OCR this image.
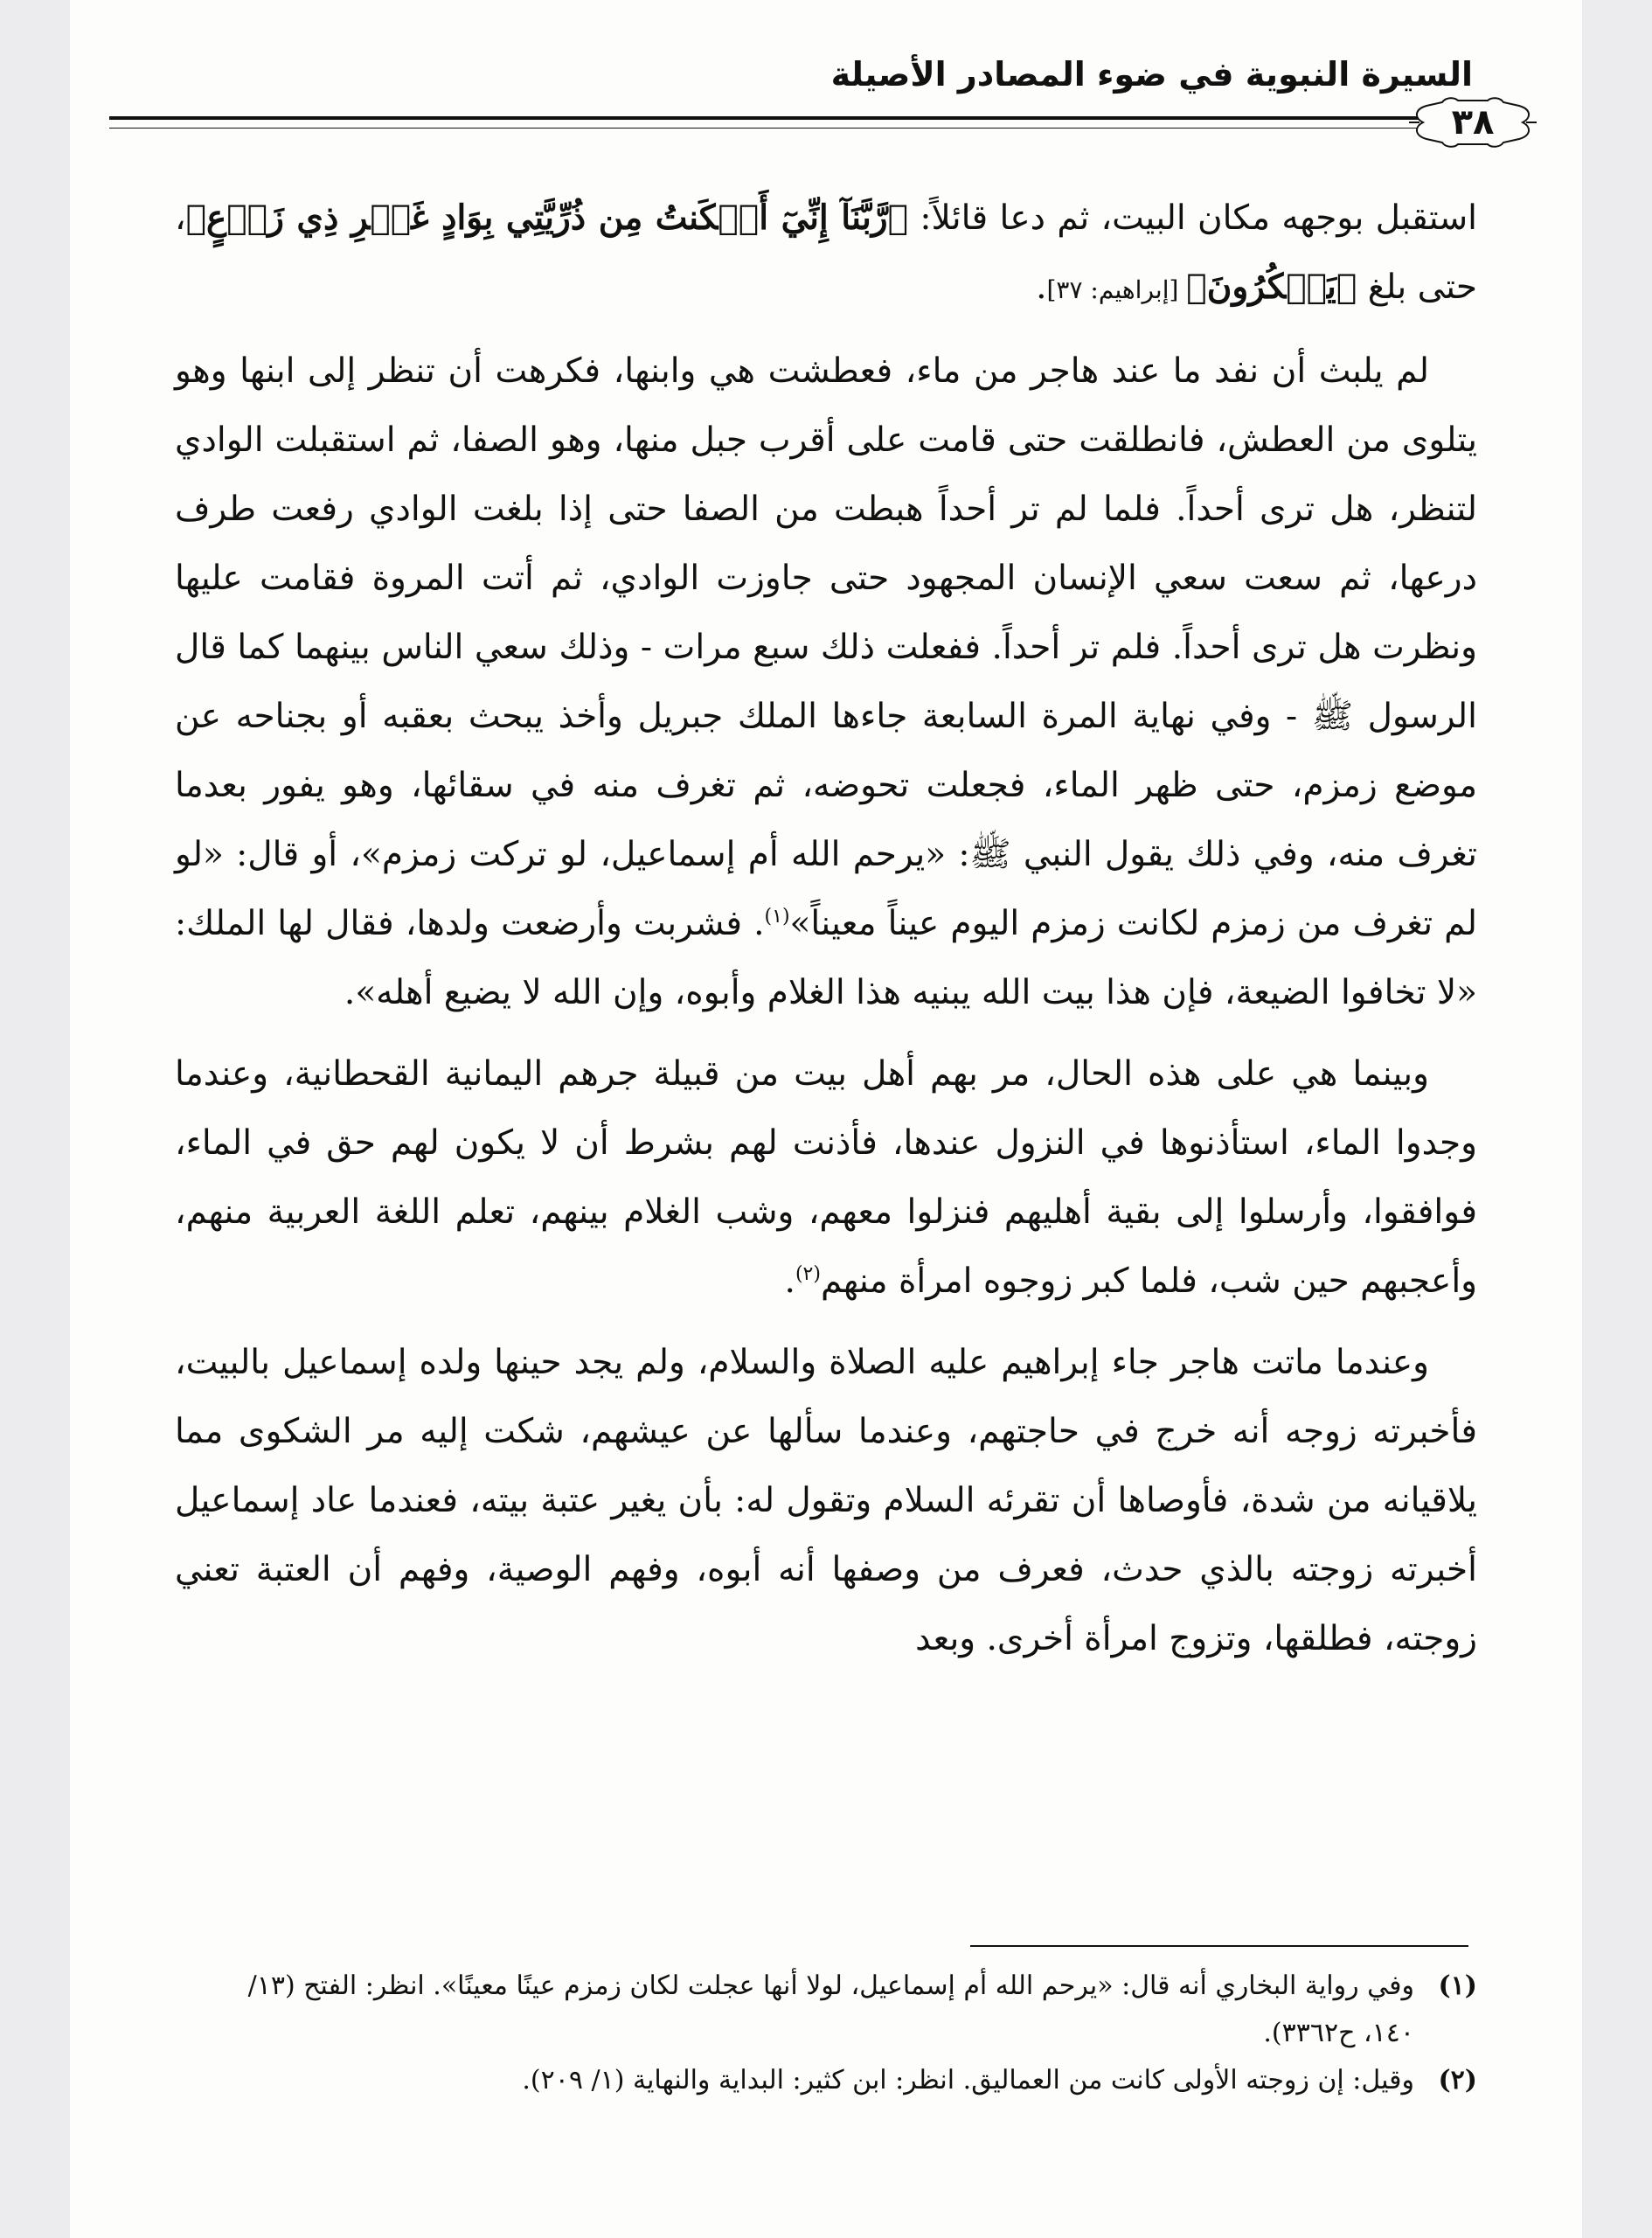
السيرة النبوية في ضوء المصادر الأصيلة
٣٨

استقبل بوجهه مكان البيت، ثم دعا قائلاً: ﴿رَّبَّنَآ إِنِّيٓ أَسۡكَنتُ مِن ذُرِّيَّتِي بِوَادٍ غَيۡرِ ذِي زَرۡعٍ﴾، حتى بلغ ﴿يَشۡكُرُونَ﴾ [إبراهيم: ٣٧].

لم يلبث أن نفد ما عند هاجر من ماء، فعطشت هي وابنها، فكرهت أن تنظر إلى ابنها وهو يتلوى من العطش، فانطلقت حتى قامت على أقرب جبل منها، وهو الصفا، ثم استقبلت الوادي لتنظر، هل ترى أحداً. فلما لم تر أحداً هبطت من الصفا حتى إذا بلغت الوادي رفعت طرف درعها، ثم سعت سعي الإنسان المجهود حتى جاوزت الوادي، ثم أتت المروة فقامت عليها ونظرت هل ترى أحداً. فلم تر أحداً. ففعلت ذلك سبع مرات - وذلك سعي الناس بينهما كما قال الرسول ﷺ - وفي نهاية المرة السابعة جاءها الملك جبريل وأخذ يبحث بعقبه أو بجناحه عن موضع زمزم، حتى ظهر الماء، فجعلت تحوضه، ثم تغرف منه في سقائها، وهو يفور بعدما تغرف منه، وفي ذلك يقول النبي ﷺ: «يرحم الله أم إسماعيل، لو تركت زمزم»، أو قال: «لو لم تغرف من زمزم لكانت زمزم اليوم عيناً معيناً»$^{(١)}$. فشربت وأرضعت ولدها، فقال لها الملك: «لا تخافوا الضيعة، فإن هذا بيت الله يبنيه هذا الغلام وأبوه، وإن الله لا يضيع أهله».

وبينما هي على هذه الحال، مر بهم أهل بيت من قبيلة جرهم اليمانية القحطانية، وعندما وجدوا الماء، استأذنوها في النزول عندها، فأذنت لهم بشرط أن لا يكون لهم حق في الماء، فوافقوا، وأرسلوا إلى بقية أهليهم فنزلوا معهم، وشب الغلام بينهم، تعلم اللغة العربية منهم، وأعجبهم حين شب، فلما كبر زوجوه امرأة منهم$^{(٢)}$.

وعندما ماتت هاجر جاء إبراهيم عليه الصلاة والسلام، ولم يجد حينها ولده إسماعيل بالبيت، فأخبرته زوجه أنه خرج في حاجتهم، وعندما سألها عن عيشهم، شكت إليه مر الشكوى مما يلاقيانه من شدة، فأوصاها أن تقرئه السلام وتقول له: بأن يغير عتبة بيته، فعندما عاد إسماعيل أخبرته زوجته بالذي حدث، فعرف من وصفها أنه أبوه، وفهم الوصية، وفهم أن العتبة تعني زوجته، فطلقها، وتزوج امرأة أخرى. وبعد

(١)
وفي رواية البخاري أنه قال: «يرحم الله أم إسماعيل، لولا أنها عجلت لكان زمزم عينًا معينًا». انظر: الفتح (١٣/ ١٤٠، ح٣٣٦٢).
(٢)
وقيل: إن زوجته الأولى كانت من العماليق. انظر: ابن كثير: البداية والنهاية (١/ ٢٠٩).
